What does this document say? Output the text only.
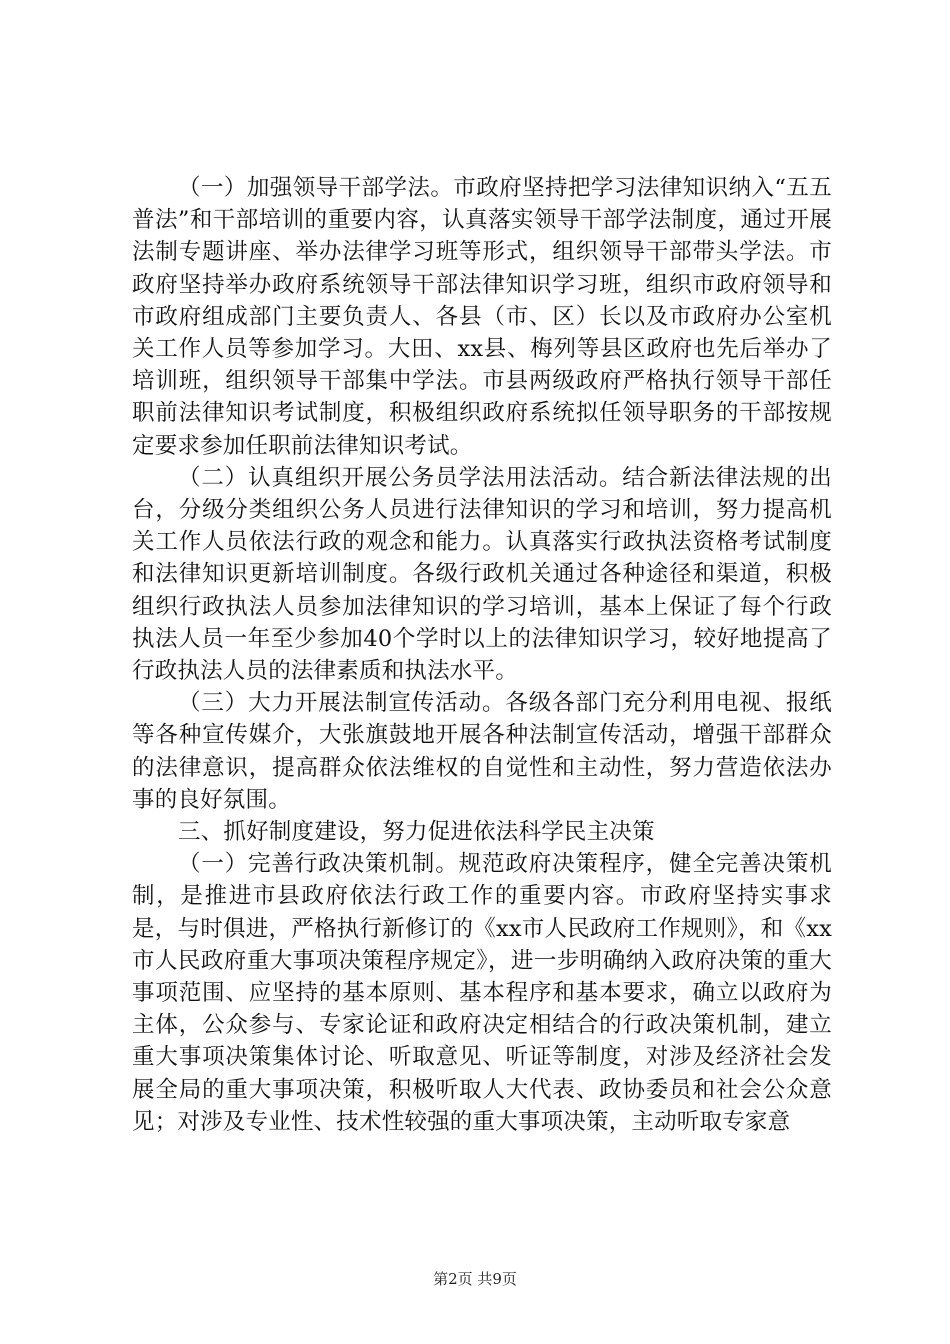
（一）加强领导干部学法。市政府坚持把学习法律知识纳入“五五普法”和干部培训的重要内容，认真落实领导干部学法制度，通过开展法制专题讲座、举办法律学习班等形式，组织领导干部带头学法。市政府坚持举办政府系统领导干部法律知识学习班，组织市政府领导和市政府组成部门主要负责人、各县（市、区）长以及市政府办公室机关工作人员等参加学习。大田、xx县、梅列等县区政府也先后举办了培训班，组织领导干部集中学法。市县两级政府严格执行领导干部任职前法律知识考试制度，积极组织政府系统拟任领导职务的干部按规定要求参加任职前法律知识考试。

（二）认真组织开展公务员学法用法活动。结合新法律法规的出台，分级分类组织公务人员进行法律知识的学习和培训，努力提高机关工作人员依法行政的观念和能力。认真落实行政执法资格考试制度和法律知识更新培训制度。各级行政机关通过各种途径和渠道，积极组织行政执法人员参加法律知识的学习培训，基本上保证了每个行政执法人员一年至少参加40个学时以上的法律知识学习，较好地提高了行政执法人员的法律素质和执法水平。

（三）大力开展法制宣传活动。各级各部门充分利用电视、报纸等各种宣传媒介，大张旗鼓地开展各种法制宣传活动，增强干部群众的法律意识，提高群众依法维权的自觉性和主动性，努力营造依法办事的良好氛围。

三、抓好制度建设，努力促进依法科学民主决策

（一）完善行政决策机制。规范政府决策程序，健全完善决策机制，是推进市县政府依法行政工作的重要内容。市政府坚持实事求是，与时俱进，严格执行新修订的《xx市人民政府工作规则》，和《xx市人民政府重大事项决策程序规定》，进一步明确纳入政府决策的重大事项范围、应坚持的基本原则、基本程序和基本要求，确立以政府为主体，公众参与、专家论证和政府决定相结合的行政决策机制，建立重大事项决策集体讨论、听取意见、听证等制度，对涉及经济社会发展全局的重大事项决策，积极听取人大代表、政协委员和社会公众意见；对涉及专业性、技术性较强的重大事项决策，主动听取专家意

第2页 共9页
